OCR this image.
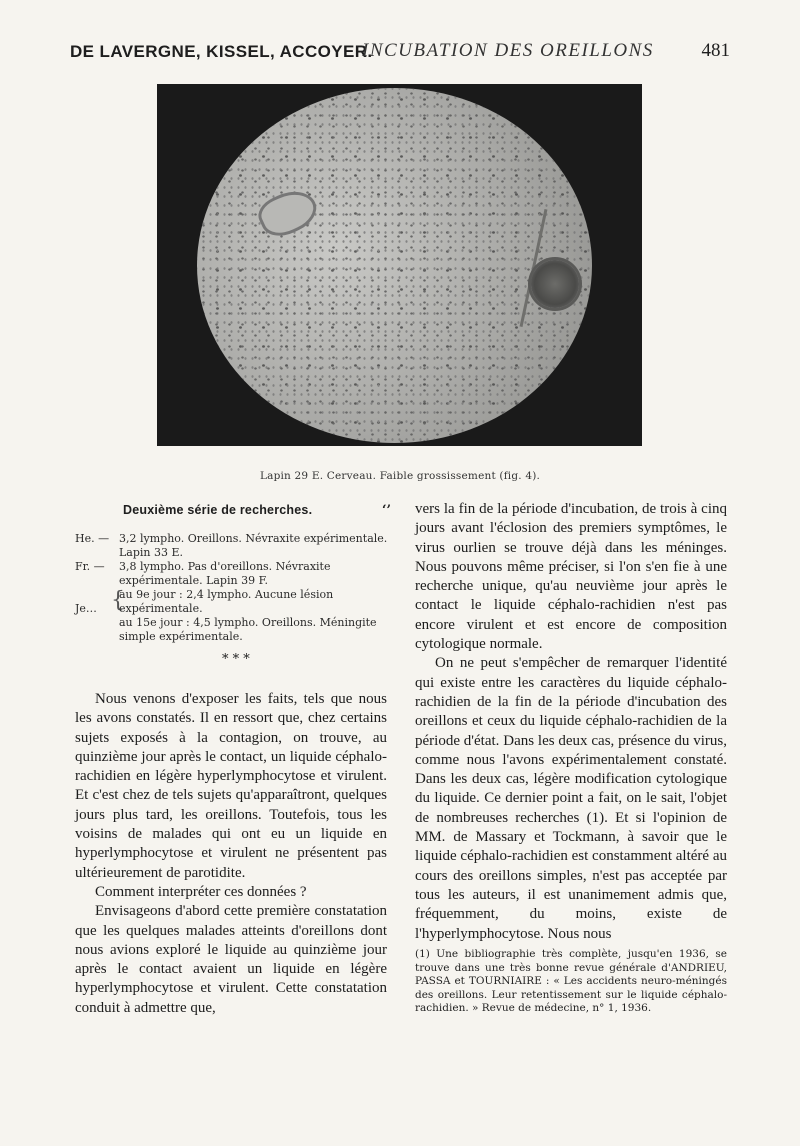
DE LAVERGNE, KISSEL, ACCOYER.
INCUBATION DES OREILLONS	481
Lapin 29 E. Cerveau. Faible grossissement (fig. 4).
Deuxième série de recherches.	‘’
He. — 3,2 lympho. Oreillons. Névraxite expérimentale. Lapin 33 E.
Fr. — 3,8 lympho. Pas d'oreillons. Névraxite expérimentale. Lapin 39 F.
Je… {
au 9e jour : 2,4 lympho. Aucune lésion expérimentale.
au 15e jour : 4,5 lympho. Oreillons. Méningite simple expérimentale.
* * *

Nous venons d'exposer les faits, tels que nous les avons constatés. Il en ressort que, chez certains sujets exposés à la contagion, on trouve, au quinzième jour après le contact, un liquide céphalo-rachidien en légère hyperlymphocytose et virulent. Et c'est chez de tels sujets qu'apparaîtront, quelques jours plus tard, les oreillons. Toutefois, tous les voisins de malades qui ont eu un liquide en hyperlymphocytose et virulent ne présentent pas ultérieurement de parotidite.

Comment interpréter ces données ?

Envisageons d'abord cette première constatation que les quelques malades atteints d'oreillons dont nous avions exploré le liquide au quinzième jour après le contact avaient un liquide en légère hyperlymphocytose et virulent. Cette constatation conduit à admettre que,

vers la fin de la période d'incubation, de trois à cinq jours avant l'éclosion des premiers symptômes, le virus ourlien se trouve déjà dans les méninges. Nous pouvons même préciser, si l'on s'en fie à une recherche unique, qu'au neuvième jour après le contact le liquide céphalo-rachidien n'est pas encore virulent et est encore de composition cytologique normale.

On ne peut s'empêcher de remarquer l'identité qui existe entre les caractères du liquide céphalo-rachidien de la fin de la période d'incubation des oreillons et ceux du liquide céphalo-rachidien de la période d'état. Dans les deux cas, présence du virus, comme nous l'avons expérimentalement constaté. Dans les deux cas, légère modification cytologique du liquide. Ce dernier point a fait, on le sait, l'objet de nombreuses recherches (1). Et si l'opinion de MM. de Massary et Tockmann, à savoir que le liquide céphalo-rachidien est constamment altéré au cours des oreillons simples, n'est pas acceptée par tous les auteurs, il est unanimement admis que, fréquemment, du moins, existe de l'hyperlymphocytose. Nous nous

(1) Une bibliographie très complète, jusqu'en 1936, se trouve dans une très bonne revue générale d'ANDRIEU, PASSA et TOURNIAIRE : « Les accidents neuro-méningés des oreillons. Leur retentissement sur le liquide céphalo-rachidien. » Revue de médecine, n° 1, 1936.
